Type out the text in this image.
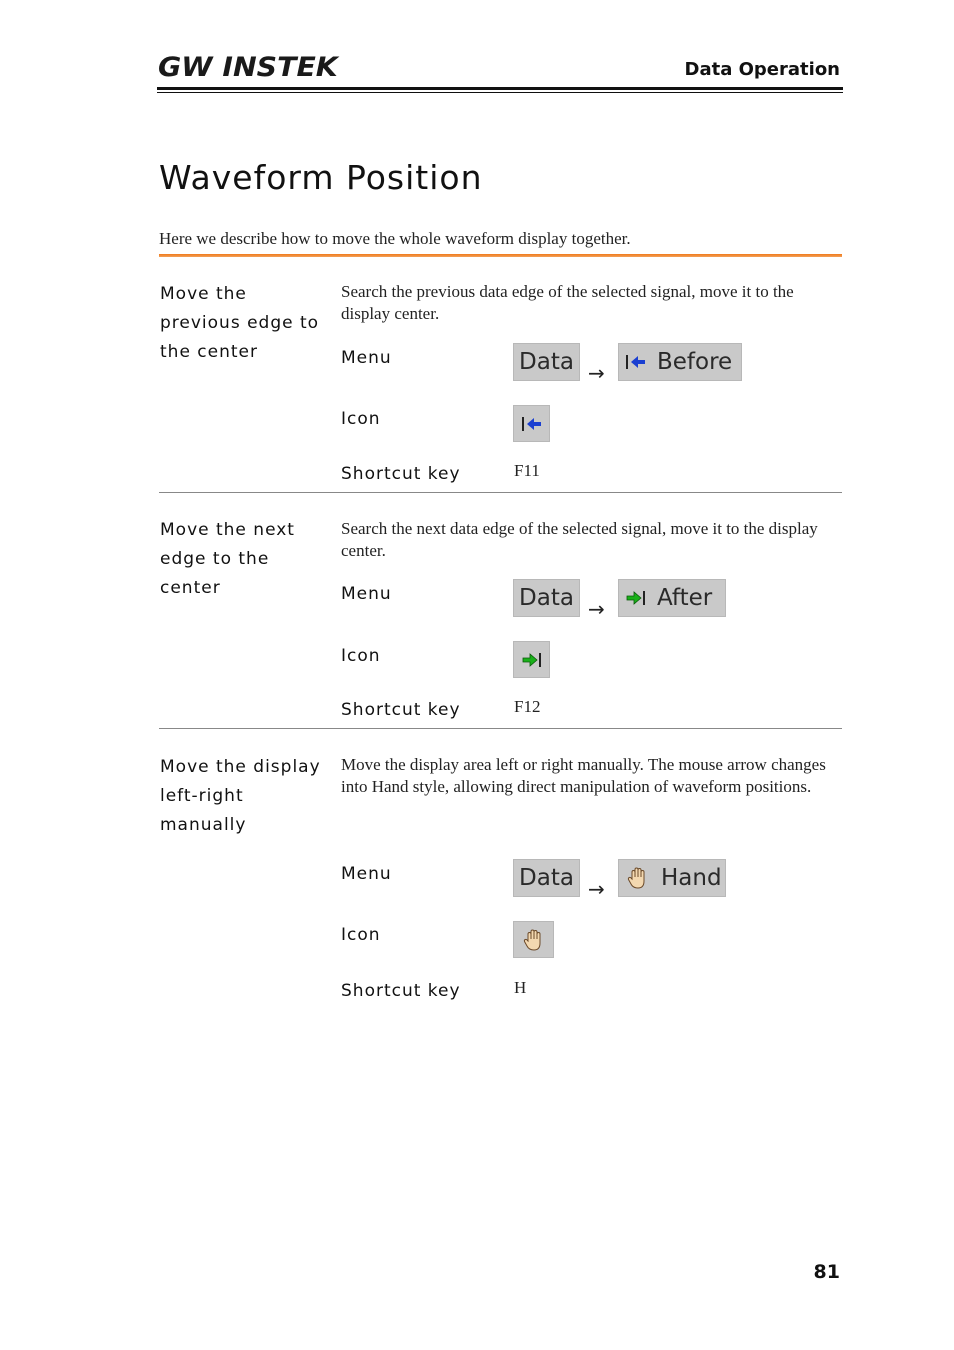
GW INSTEK	Data Operation
Waveform Position
Here we describe how to move the whole waveform display together.
Move the
previous edge to
the center
Search the previous data edge of the selected signal, move it to the display center.
Menu	Data → Before
Icon
Shortcut key	F11
Move the next
edge to the
center
Search the next data edge of the selected signal, move it to the display center.
Menu	Data → After
Icon
Shortcut key	F12
Move the display
left-right
manually
Move the display area left or right manually. The mouse arrow changes into Hand style, allowing direct manipulation of waveform positions.
Menu	Data → Hand
Icon
Shortcut key	H
81
